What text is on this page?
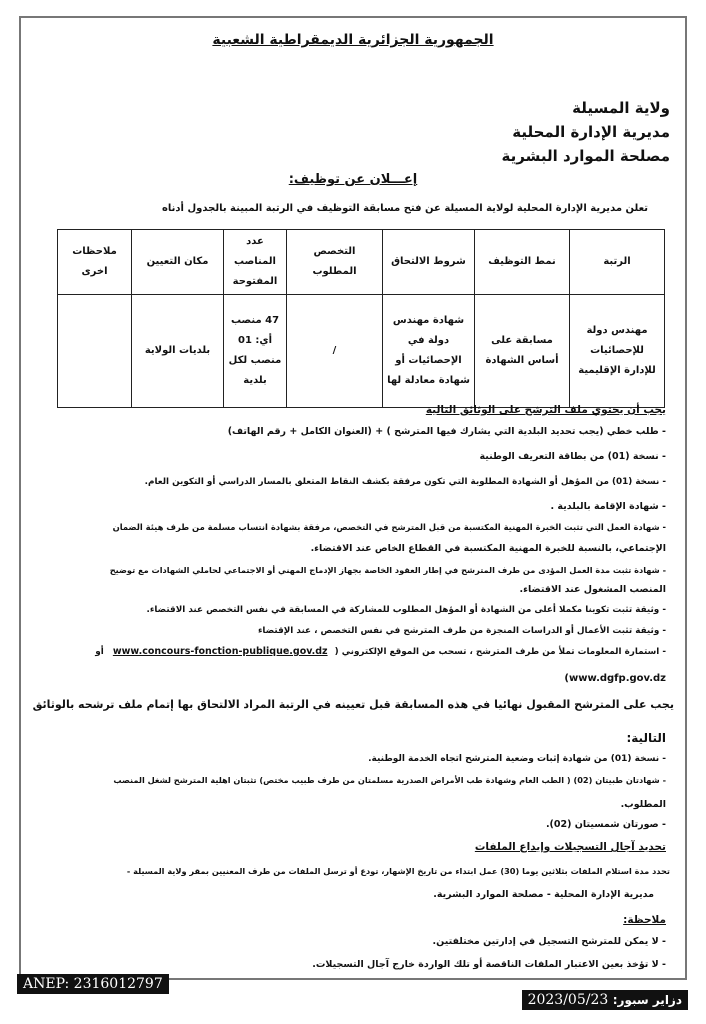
الجمهورية الجزائرية الديمقراطية الشعبية
ولاية المسيلة
مديرية الإدارة المحلية
مصلحة الموارد البشرية
إعـــلان عن توظيف:
تعلن مديرية الإدارة المحلية لولاية المسيلة عن فتح مسابقة التوظيف في الرتبة المبينة بالجدول أدناه
الرتبة	نمط التوظيف	شروط الالتحاق	التخصص المطلوب	عدد المناصب المفتوحة	مكان التعيين	ملاحظات اخرى
مهندس دولة للإحصائيات للإدارة الإقليمية	مسابقة على أساس الشهادة	شهادة مهندس دولة في الإحصائيات أو شهادة معادلة لها	/	47 منصب أي: 01 منصب لكل بلدية	بلديات الولاية	
يجب أن يحتوي ملف الترشح على الوثائق التالية
- طلب خطي (يجب تحديد البلدية التي يشارك فيها المترشح ) + (العنوان الكامل + رقم الهاتف)
- نسخة (01) من بطاقة التعريف الوطنية
- نسخة (01) من المؤهل أو الشهادة المطلوبة التي تكون مرفقة بكشف النقاط المتعلق بالمسار الدراسي أو التكوين العام.
- شهادة الإقامة بالبلدية .
- شهادة العمل التي تثبت الخبرة المهنية المكتسبة من قبل المترشح في التخصص، مرفقة بشهادة انتساب مسلمة من طرف هيئة الضمان
الإجتماعي، بالنسبة للخبرة المهنية المكتسبة في القطاع الخاص عند الاقتضاء.
- شهادة تثبت مدة العمل المؤدى من طرف المترشح في إطار العقود الخاصة بجهاز الإدماج المهني أو الاجتماعي لحاملي الشهادات مع توضيح
المنصب المشغول عند الاقتضاء.
- وثيقة تثبت تكوينا مكملا أعلى من الشهادة أو المؤهل المطلوب للمشاركة في المسابقة في نفس التخصص عند الاقتضاء.
- وثيقة تثبت الأعمال أو الدراسات المنجزة من طرف المترشح في نفس التخصص ، عند الإقتضاء
- استمارة المعلومات تملأ من طرف المترشح ، تسحب من الموقع الإلكتروني ( www.concours-fonction-publique.gov.dz أو
(www.dgfp.gov.dz
يجب على المترشح المقبول نهائيا في هذه المسابقة قبل تعيينه في الرتبة المراد الالتحاق بها إتمام ملف ترشحه بالوثائق
التالية:
- نسخة (01) من شهادة إثبات وضعية المترشح اتجاه الخدمة الوطنية.
- شهادتان طبيتان (02) ( الطب العام وشهادة طب الأمراض الصدرية مسلمتان من طرف طبيب مختص) تثبتان اهلية المترشح لشغل المنصب
المطلوب.
- صورتان شمسيتان (02).
تحديد آجال التسجيلات وإيداع الملفات
تحدد مدة استلام الملفات بثلاثين يوما (30) عمل ابتداء من تاريخ الإشهار، تودع أو ترسل الملفات من طرف المعنيين بمقر ولاية المسيلة -
مديرية الإدارة المحلية - مصلحة الموارد البشرية.
ملاحظة:
- لا يمكن للمترشح التسجيل في إدارتين مختلفتين.
- لا تؤخذ بعين الاعتبار الملفات الناقصة أو تلك الواردة خارج آجال التسجيلات.
ANEP: 2316012797
دزاير سبور: 2023/05/23
